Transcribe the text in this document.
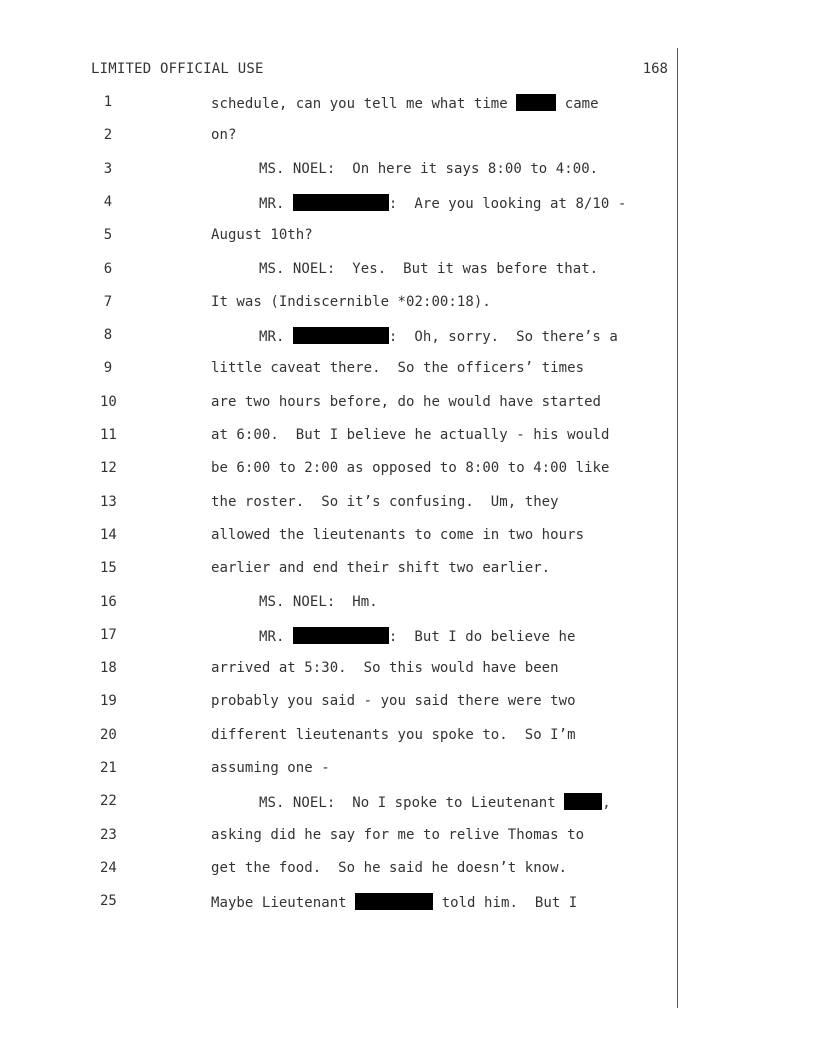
LIMITED OFFICIAL USE	168
1	schedule, can you tell me what time	came
2	on?
3	MS. NOEL:  On here it says 8:00 to 4:00.
4	MR.	:  Are you looking at 8/10 -
5	August 10th?
6	MS. NOEL:  Yes.  But it was before that.
7	It was (Indiscernible *02:00:18).
8	MR.	:  Oh, sorry.  So there’s a
9	little caveat there.  So the officers’ times
10	are two hours before, do he would have started
11	at 6:00.  But I believe he actually - his would
12	be 6:00 to 2:00 as opposed to 8:00 to 4:00 like
13	the roster.  So it’s confusing.  Um, they
14	allowed the lieutenants to come in two hours
15	earlier and end their shift two earlier.
16	MS. NOEL:  Hm.
17	MR.	:  But I do believe he
18	arrived at 5:30.  So this would have been
19	probably you said - you said there were two
20	different lieutenants you spoke to.  So I’m
21	assuming one -
22	MS. NOEL:  No I spoke to Lieutenant	,
23	asking did he say for me to relive Thomas to
24	get the food.  So he said he doesn’t know.
25	Maybe Lieutenant	told him.  But I
